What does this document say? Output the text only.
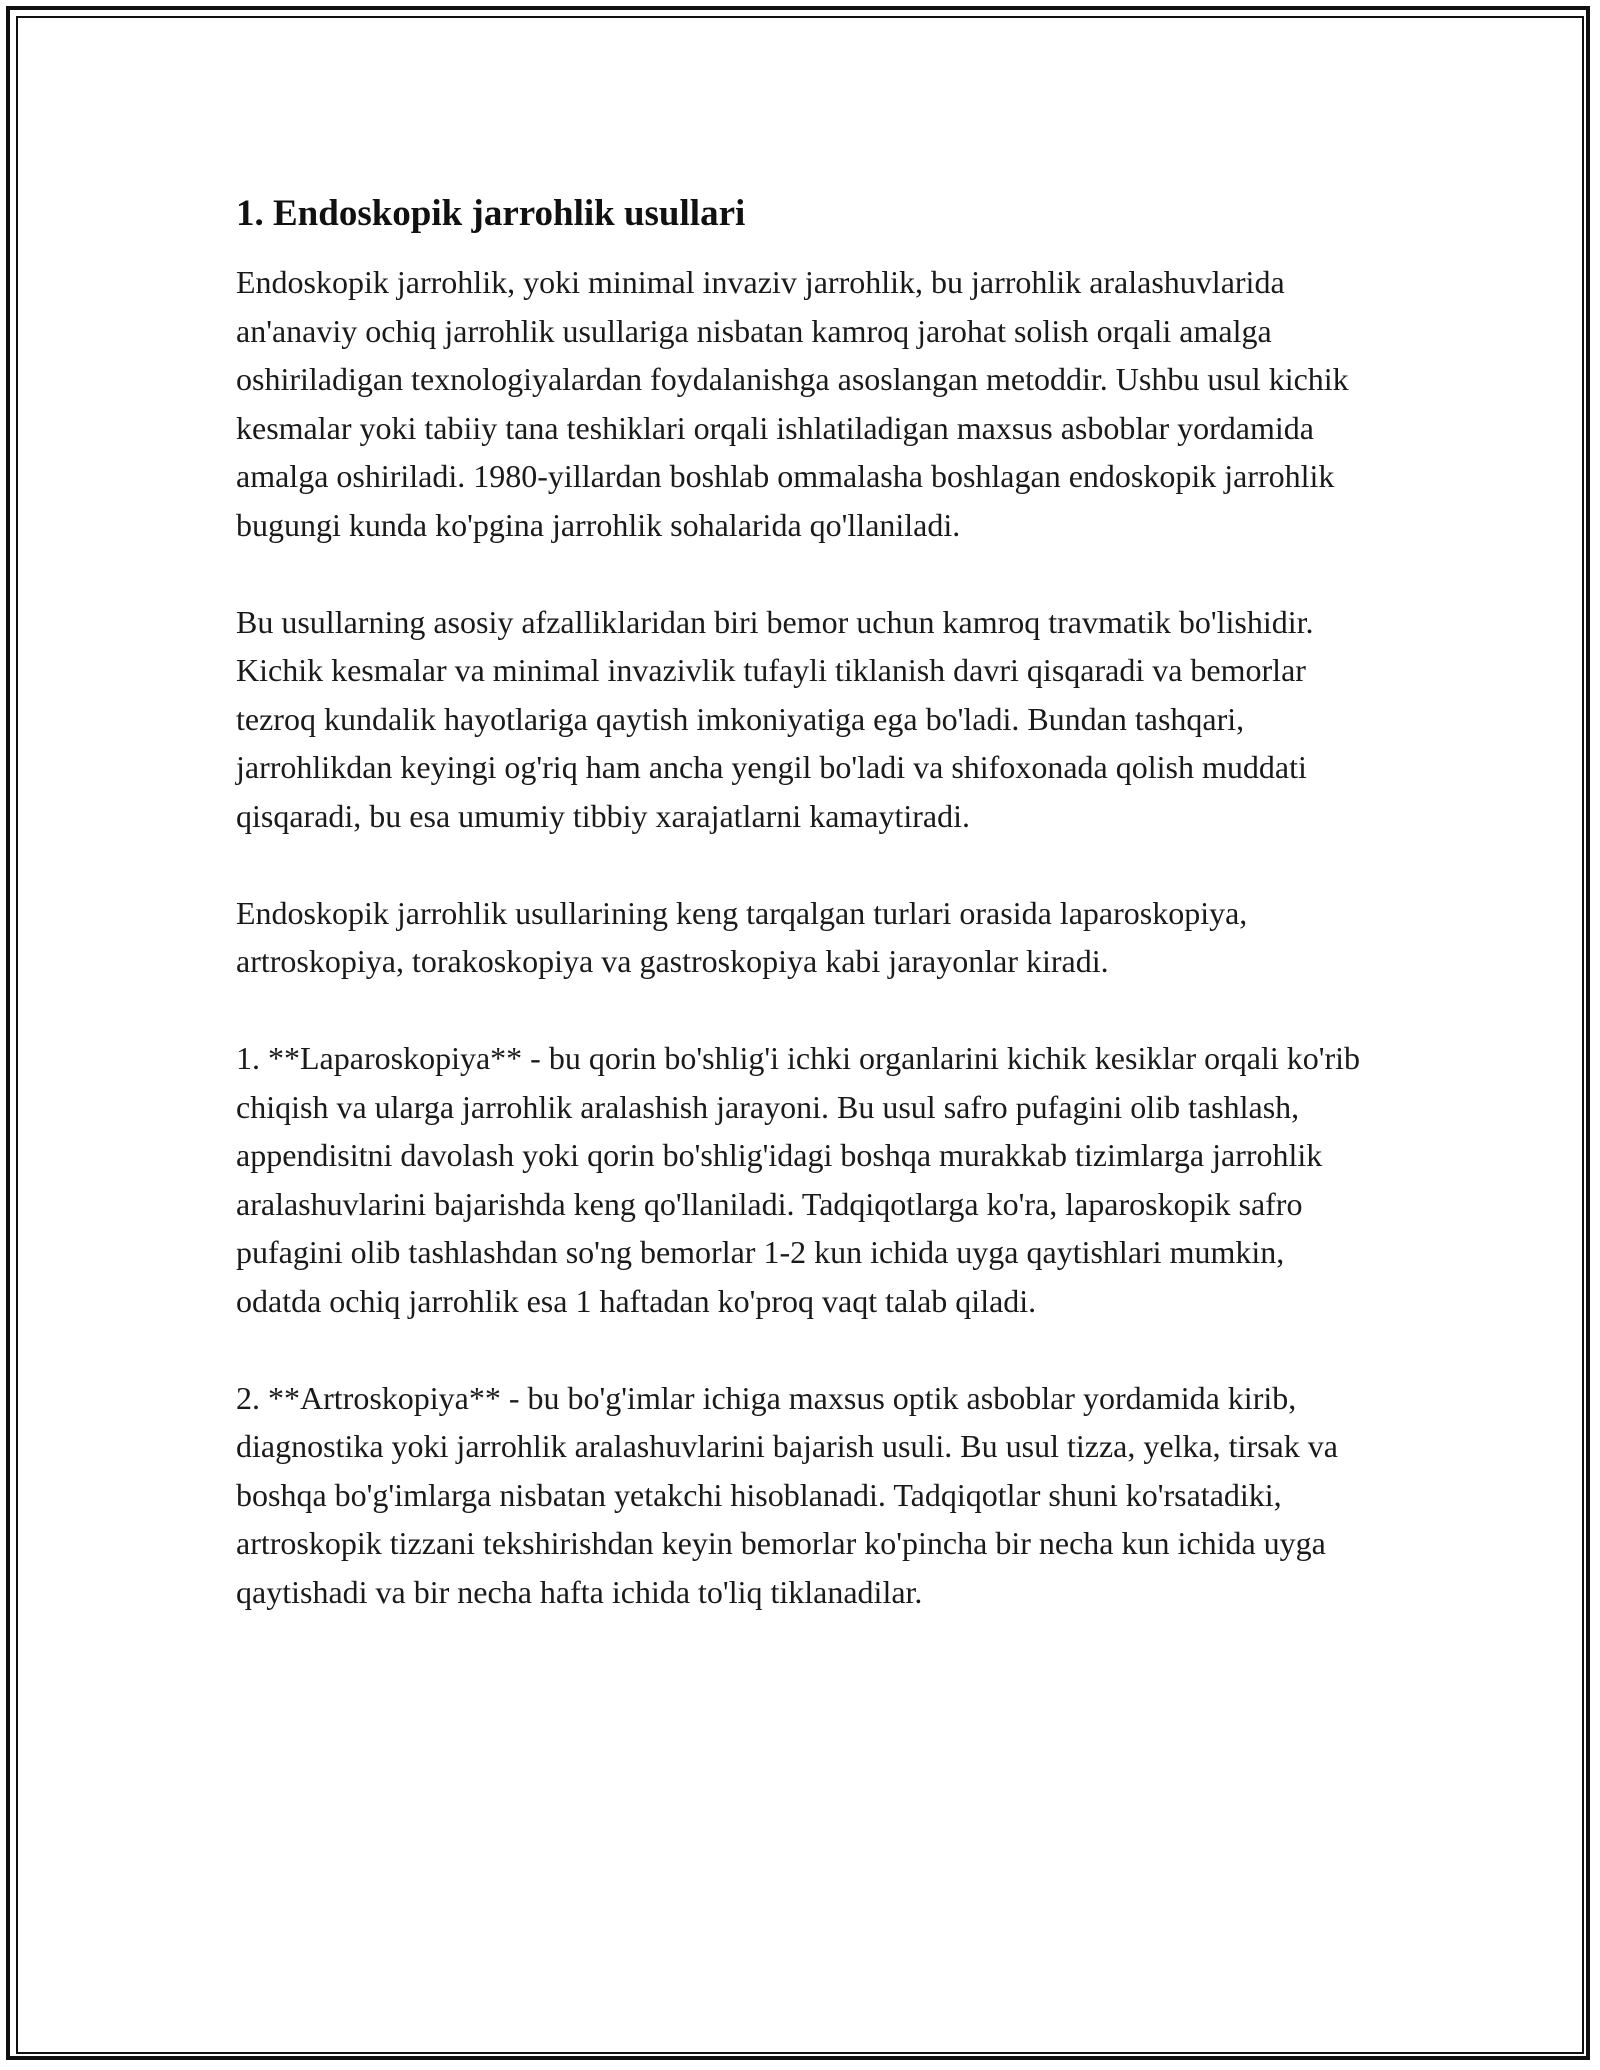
1. Endoskopik jarrohlik usullari

Endoskopik jarrohlik, yoki minimal invaziv jarrohlik, bu jarrohlik aralashuvlarida an'anaviy ochiq jarrohlik usullariga nisbatan kamroq jarohat solish orqali amalga oshiriladigan texnologiyalardan foydalanishga asoslangan metoddir. Ushbu usul kichik kesmalar yoki tabiiy tana teshiklari orqali ishlatiladigan maxsus asboblar yordamida amalga oshiriladi. 1980-yillardan boshlab ommalasha boshlagan endoskopik jarrohlik bugungi kunda ko'pgina jarrohlik sohalarida qo'llaniladi.

Bu usullarning asosiy afzalliklaridan biri bemor uchun kamroq travmatik bo'lishidir. Kichik kesmalar va minimal invazivlik tufayli tiklanish davri qisqaradi va bemorlar tezroq kundalik hayotlariga qaytish imkoniyatiga ega bo'ladi. Bundan tashqari, jarrohlikdan keyingi og'riq ham ancha yengil bo'ladi va shifoxonada qolish muddati qisqaradi, bu esa umumiy tibbiy xarajatlarni kamaytiradi.

Endoskopik jarrohlik usullarining keng tarqalgan turlari orasida laparoskopiya, artroskopiya, torakoskopiya va gastroskopiya kabi jarayonlar kiradi.

1. **Laparoskopiya** - bu qorin bo'shlig'i ichki organlarini kichik kesiklar orqali ko'rib chiqish va ularga jarrohlik aralashish jarayoni. Bu usul safro pufagini olib tashlash, appendisitni davolash yoki qorin bo'shlig'idagi boshqa murakkab tizimlarga jarrohlik aralashuvlarini bajarishda keng qo'llaniladi. Tadqiqotlarga ko'ra, laparoskopik safro pufagini olib tashlashdan so'ng bemorlar 1-2 kun ichida uyga qaytishlari mumkin, odatda ochiq jarrohlik esa 1 haftadan ko'proq vaqt talab qiladi.

2. **Artroskopiya** - bu bo'g'imlar ichiga maxsus optik asboblar yordamida kirib, diagnostika yoki jarrohlik aralashuvlarini bajarish usuli. Bu usul tizza, yelka, tirsak va boshqa bo'g'imlarga nisbatan yetakchi hisoblanadi. Tadqiqotlar shuni ko'rsatadiki, artroskopik tizzani tekshirishdan keyin bemorlar ko'pincha bir necha kun ichida uyga qaytishadi va bir necha hafta ichida to'liq tiklanadilar.
